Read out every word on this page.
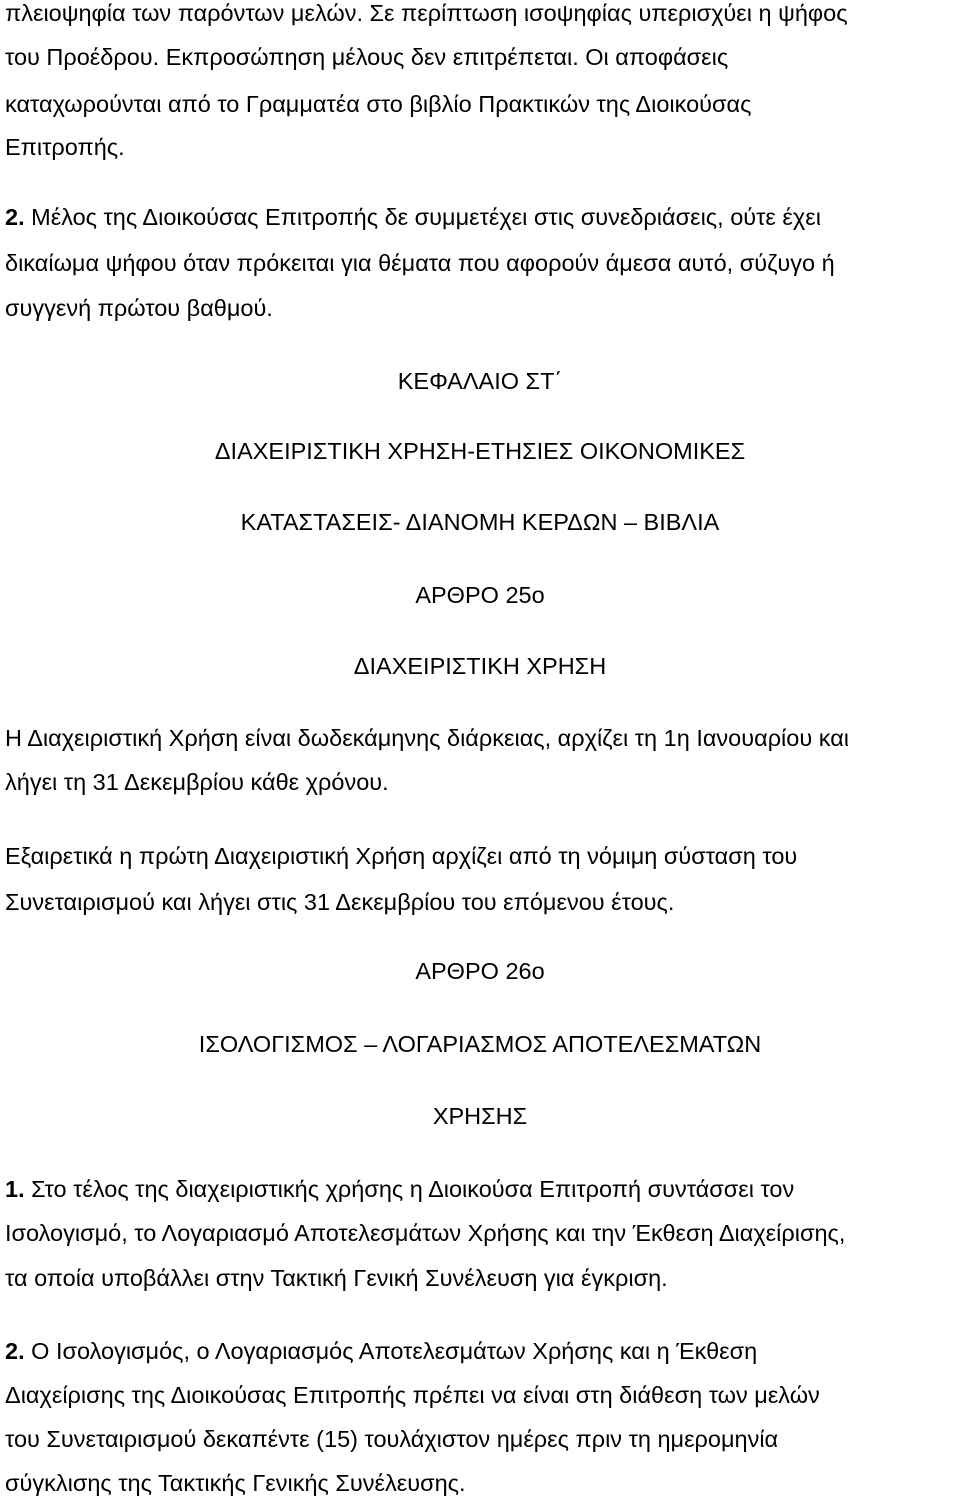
πλειοψηφία των παρόντων μελών. Σε περίπτωση ισοψηφίας υπερισχύει η ψήφος
του Προέδρου. Εκπροσώπηση μέλους δεν επιτρέπεται. Οι αποφάσεις
καταχωρούνται από το Γραμματέα στο βιβλίο Πρακτικών της Διοικούσας
Επιτροπής.
2. Μέλος της Διοικούσας Επιτροπής δε συμμετέχει στις συνεδριάσεις, ούτε έχει
δικαίωμα ψήφου όταν πρόκειται για θέματα που αφορούν άμεσα αυτό, σύζυγο ή
συγγενή πρώτου βαθμού.
ΚΕΦΑΛΑΙΟ ΣΤ΄
ΔΙΑΧΕΙΡΙΣΤΙΚΗ ΧΡΗΣΗ-ΕΤΗΣΙΕΣ ΟΙΚΟΝΟΜΙΚΕΣ
ΚΑΤΑΣΤΑΣΕΙΣ- ΔΙΑΝΟΜΗ ΚΕΡΔΩΝ – ΒΙΒΛΙΑ
ΑΡΘΡΟ 25ο
ΔΙΑΧΕΙΡΙΣΤΙΚΗ ΧΡΗΣΗ
Η Διαχειριστική Χρήση είναι δωδεκάμηνης διάρκειας, αρχίζει τη 1η Ιανουαρίου και
λήγει τη 31 Δεκεμβρίου κάθε χρόνου.
Εξαιρετικά η πρώτη Διαχειριστική Χρήση αρχίζει από τη νόμιμη σύσταση του
Συνεταιρισμού και λήγει στις 31 Δεκεμβρίου του επόμενου έτους.
ΑΡΘΡΟ 26ο
ΙΣΟΛΟΓΙΣΜΟΣ – ΛΟΓΑΡΙΑΣΜΟΣ ΑΠΟΤΕΛΕΣΜΑΤΩΝ
ΧΡΗΣΗΣ
1. Στο τέλος της διαχειριστικής χρήσης η Διοικούσα Επιτροπή συντάσσει τον
Ισολογισμό, το Λογαριασμό Αποτελεσμάτων Χρήσης και την Έκθεση Διαχείρισης,
τα οποία υποβάλλει στην Τακτική Γενική Συνέλευση για έγκριση.
2. Ο Ισολογισμός, ο Λογαριασμός Αποτελεσμάτων Χρήσης και η Έκθεση
Διαχείρισης της Διοικούσας Επιτροπής πρέπει να είναι στη διάθεση των μελών
του Συνεταιρισμού δεκαπέντε (15) τουλάχιστον ημέρες πριν τη ημερομηνία
σύγκλισης της Τακτικής Γενικής Συνέλευσης.
